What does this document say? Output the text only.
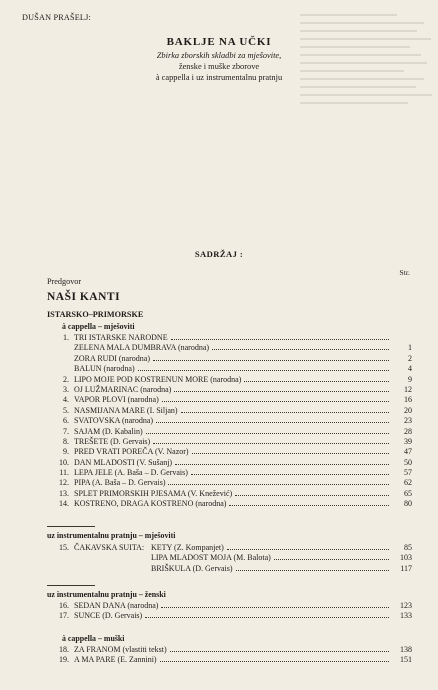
DUŠAN PRAŠELJ:
BAKLJE NA UČKI
Zbirka zborskih skladbi za mješovite,
ženske i muške zborove
à cappella i uz instrumentalnu pratnju
SADRŽAJ :
Str.
Predgovor
NAŠI KANTI
ISTARSKO–PRIMORSKE
à cappella – mješoviti
1. TRI ISTARSKE NARODNE
ZELENA MALA DUMBRAVA (narodna)	1
ZORA RUDI (narodna)	2
BALUN (narodna)	4
2. LIPO MOJE POD KOSTRENUN MORE (narodna)	9
3. OJ LUŽMARINAC (narodna)	12
4. VAPOR PLOVI (narodna)	16
5. NASMIJANA MARE (I. Siljan)	20
6. SVATOVSKA (narodna)	23
7. SAJAM (D. Kabalin)	28
8. TREŠETE (D. Gervais)	39
9. PRED VRATI POREČA (V. Nazor)	47
10. DAN MLADOSTI (V. Sušanj)	50
11. LEPA JELE (A. Baša – D. Gervais)	57
12. PIPA (A. Baša – D. Gervais)	62
13. SPLET PRIMORSKIH PJESAMA (V. Knežević)	65
14. KOSTRENO, DRAGA KOSTRENO (narodna)	80
uz instrumentalnu pratnju – mješoviti
15. ČAKAVSKA SUITA: KETY (Z. Kompanjet)	85
LIPA MLADOST MOJA (M. Balota)	103
BRIŠKULA (D. Gervais)	117
uz instrumentalnu pratnju – ženski
16. SEDAN DANA (narodna)	123
17. SUNCE (D. Gervais)	133
à cappella – muški
18. ZA FRANOM (vlastiti tekst)	138
19. A MA PARE (E. Zannini)	151
